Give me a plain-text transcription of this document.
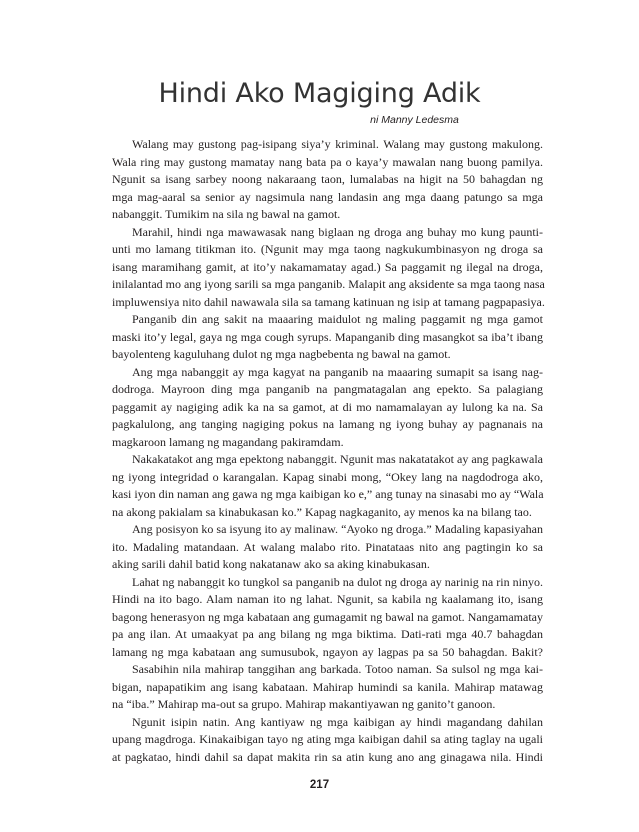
Hindi Ako Magiging Adik
ni Manny Ledesma

Walang may gustong pag-isipang siya’y kriminal. Walang may gustong makulong.
Wala ring may gustong mamatay nang bata pa o kaya’y mawalan nang buong pamilya.
Ngunit sa isang sarbey noong nakaraang taon, lumalabas na higit na 50 bahagdan ng
mga mag-aaral sa senior ay nagsimula nang landasin ang mga daang patungo sa mga
nabanggit. Tumikim na sila ng bawal na gamot.

Marahil, hindi nga mawawasak nang biglaan ng droga ang buhay mo kung paunti-
unti mo lamang titikman ito. (Ngunit may mga taong nagkukumbinasyon ng droga sa
isang maramihang gamit, at ito’y nakamamatay agad.) Sa paggamit ng ilegal na droga,
inilalantad mo ang iyong sarili sa mga panganib. Malapit ang aksidente sa mga taong nasa
impluwensiya nito dahil nawawala sila sa tamang katinuan ng isip at tamang pagpapasiya.

Panganib din ang sakit na maaaring maidulot ng maling paggamit ng mga gamot
maski ito’y legal, gaya ng mga cough syrups. Mapanganib ding masangkot sa iba’t ibang
bayolenteng kaguluhang dulot ng mga nagbebenta ng bawal na gamot.

Ang mga nabanggit ay mga kagyat na panganib na maaaring sumapit sa isang nag-
dodroga. Mayroon ding mga panganib na pangmatagalan ang epekto. Sa palagiang
paggamit ay nagiging adik ka na sa gamot, at di mo namamalayan ay lulong ka na. Sa
pagkalulong, ang tanging nagiging pokus na lamang ng iyong buhay ay pagnanais na
magkaroon lamang ng magandang pakiramdam.

Nakakatakot ang mga epektong nabanggit. Ngunit mas nakatatakot ay ang pagkawala
ng iyong integridad o karangalan. Kapag sinabi mong, “Okey lang na nagdodroga ako,
kasi iyon din naman ang gawa ng mga kaibigan ko e,” ang tunay na sinasabi mo ay “Wala
na akong pakialam sa kinabukasan ko.” Kapag nagkaganito, ay menos ka na bilang tao.

Ang posisyon ko sa isyung ito ay malinaw. “Ayoko ng droga.” Madaling kapasiyahan
ito. Madaling matandaan. At walang malabo rito. Pinatataas nito ang pagtingin ko sa
aking sarili dahil batid kong nakatanaw ako sa aking kinabukasan.

Lahat ng nabanggit ko tungkol sa panganib na dulot ng droga ay narinig na rin ninyo.
Hindi na ito bago. Alam naman ito ng lahat. Ngunit, sa kabila ng kaalamang ito, isang
bagong henerasyon ng mga kabataan ang gumagamit ng bawal na gamot. Nangamamatay
pa ang ilan. At umaakyat pa ang bilang ng mga biktima. Dati-rati mga 40.7 bahagdan
lamang ng mga kabataan ang sumusubok, ngayon ay lagpas pa sa 50 bahagdan. Bakit?

Sasabihin nila mahirap tanggihan ang barkada. Totoo naman. Sa sulsol ng mga kai-
bigan, napapatikim ang isang kabataan. Mahirap humindi sa kanila. Mahirap matawag
na “iba.” Mahirap ma-out sa grupo. Mahirap makantiyawan ng ganito’t ganoon.

Ngunit isipin natin. Ang kantiyaw ng mga kaibigan ay hindi magandang dahilan
upang magdroga. Kinakaibigan tayo ng ating mga kaibigan dahil sa ating taglay na ugali
at pagkatao, hindi dahil sa dapat makita rin sa atin kung ano ang ginagawa nila. Hindi

217
